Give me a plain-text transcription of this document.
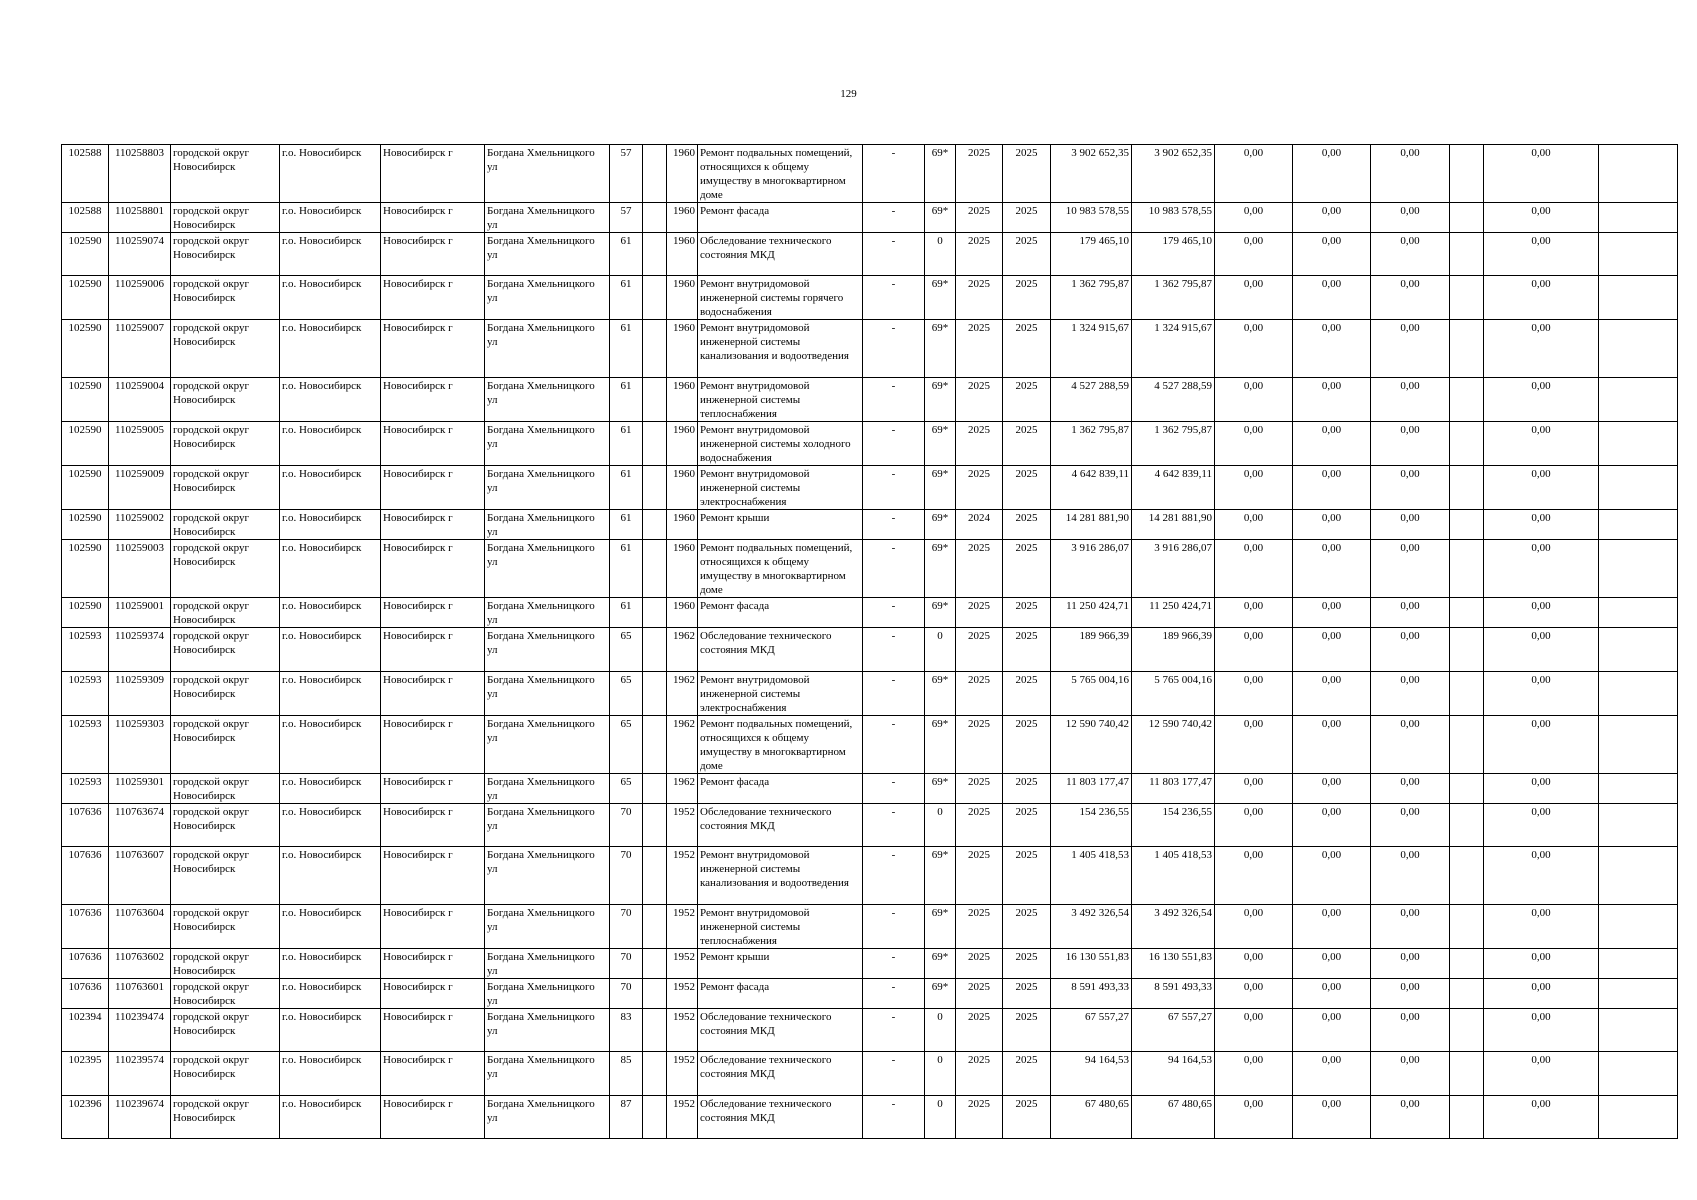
129
102588	110258803	городской округ Новосибирск	г.о. Новосибирск	Новосибирск г	Богдана Хмельницкого ул	57		1960	Ремонт подвальных помещений, относящихся к общему имуществу в многоквартирном доме	-	69*	2025	2025	3 902 652,35	3 902 652,35	0,00	0,00	0,00		0,00	
102588	110258801	городской округ Новосибирск	г.о. Новосибирск	Новосибирск г	Богдана Хмельницкого ул	57		1960	Ремонт фасада	-	69*	2025	2025	10 983 578,55	10 983 578,55	0,00	0,00	0,00		0,00	
102590	110259074	городской округ Новосибирск	г.о. Новосибирск	Новосибирск г	Богдана Хмельницкого ул	61		1960	Обследование технического состояния МКД	-	0	2025	2025	179 465,10	179 465,10	0,00	0,00	0,00		0,00	
102590	110259006	городской округ Новосибирск	г.о. Новосибирск	Новосибирск г	Богдана Хмельницкого ул	61		1960	Ремонт внутридомовой инженерной системы горячего водоснабжения	-	69*	2025	2025	1 362 795,87	1 362 795,87	0,00	0,00	0,00		0,00	
102590	110259007	городской округ Новосибирск	г.о. Новосибирск	Новосибирск г	Богдана Хмельницкого ул	61		1960	Ремонт внутридомовой инженерной системы канализования и водоотведения	-	69*	2025	2025	1 324 915,67	1 324 915,67	0,00	0,00	0,00		0,00	
102590	110259004	городской округ Новосибирск	г.о. Новосибирск	Новосибирск г	Богдана Хмельницкого ул	61		1960	Ремонт внутридомовой инженерной системы теплоснабжения	-	69*	2025	2025	4 527 288,59	4 527 288,59	0,00	0,00	0,00		0,00	
102590	110259005	городской округ Новосибирск	г.о. Новосибирск	Новосибирск г	Богдана Хмельницкого ул	61		1960	Ремонт внутридомовой инженерной системы холодного водоснабжения	-	69*	2025	2025	1 362 795,87	1 362 795,87	0,00	0,00	0,00		0,00	
102590	110259009	городской округ Новосибирск	г.о. Новосибирск	Новосибирск г	Богдана Хмельницкого ул	61		1960	Ремонт внутридомовой инженерной системы электроснабжения	-	69*	2025	2025	4 642 839,11	4 642 839,11	0,00	0,00	0,00		0,00	
102590	110259002	городской округ Новосибирск	г.о. Новосибирск	Новосибирск г	Богдана Хмельницкого ул	61		1960	Ремонт крыши	-	69*	2024	2025	14 281 881,90	14 281 881,90	0,00	0,00	0,00		0,00	
102590	110259003	городской округ Новосибирск	г.о. Новосибирск	Новосибирск г	Богдана Хмельницкого ул	61		1960	Ремонт подвальных помещений, относящихся к общему имуществу в многоквартирном доме	-	69*	2025	2025	3 916 286,07	3 916 286,07	0,00	0,00	0,00		0,00	
102590	110259001	городской округ Новосибирск	г.о. Новосибирск	Новосибирск г	Богдана Хмельницкого ул	61		1960	Ремонт фасада	-	69*	2025	2025	11 250 424,71	11 250 424,71	0,00	0,00	0,00		0,00	
102593	110259374	городской округ Новосибирск	г.о. Новосибирск	Новосибирск г	Богдана Хмельницкого ул	65		1962	Обследование технического состояния МКД	-	0	2025	2025	189 966,39	189 966,39	0,00	0,00	0,00		0,00	
102593	110259309	городской округ Новосибирск	г.о. Новосибирск	Новосибирск г	Богдана Хмельницкого ул	65		1962	Ремонт внутридомовой инженерной системы электроснабжения	-	69*	2025	2025	5 765 004,16	5 765 004,16	0,00	0,00	0,00		0,00	
102593	110259303	городской округ Новосибирск	г.о. Новосибирск	Новосибирск г	Богдана Хмельницкого ул	65		1962	Ремонт подвальных помещений, относящихся к общему имуществу в многоквартирном доме	-	69*	2025	2025	12 590 740,42	12 590 740,42	0,00	0,00	0,00		0,00	
102593	110259301	городской округ Новосибирск	г.о. Новосибирск	Новосибирск г	Богдана Хмельницкого ул	65		1962	Ремонт фасада	-	69*	2025	2025	11 803 177,47	11 803 177,47	0,00	0,00	0,00		0,00	
107636	110763674	городской округ Новосибирск	г.о. Новосибирск	Новосибирск г	Богдана Хмельницкого ул	70		1952	Обследование технического состояния МКД	-	0	2025	2025	154 236,55	154 236,55	0,00	0,00	0,00		0,00	
107636	110763607	городской округ Новосибирск	г.о. Новосибирск	Новосибирск г	Богдана Хмельницкого ул	70		1952	Ремонт внутридомовой инженерной системы канализования и водоотведения	-	69*	2025	2025	1 405 418,53	1 405 418,53	0,00	0,00	0,00		0,00	
107636	110763604	городской округ Новосибирск	г.о. Новосибирск	Новосибирск г	Богдана Хмельницкого ул	70		1952	Ремонт внутридомовой инженерной системы теплоснабжения	-	69*	2025	2025	3 492 326,54	3 492 326,54	0,00	0,00	0,00		0,00	
107636	110763602	городской округ Новосибирск	г.о. Новосибирск	Новосибирск г	Богдана Хмельницкого ул	70		1952	Ремонт крыши	-	69*	2025	2025	16 130 551,83	16 130 551,83	0,00	0,00	0,00		0,00	
107636	110763601	городской округ Новосибирск	г.о. Новосибирск	Новосибирск г	Богдана Хмельницкого ул	70		1952	Ремонт фасада	-	69*	2025	2025	8 591 493,33	8 591 493,33	0,00	0,00	0,00		0,00	
102394	110239474	городской округ Новосибирск	г.о. Новосибирск	Новосибирск г	Богдана Хмельницкого ул	83		1952	Обследование технического состояния МКД	-	0	2025	2025	67 557,27	67 557,27	0,00	0,00	0,00		0,00	
102395	110239574	городской округ Новосибирск	г.о. Новосибирск	Новосибирск г	Богдана Хмельницкого ул	85		1952	Обследование технического состояния МКД	-	0	2025	2025	94 164,53	94 164,53	0,00	0,00	0,00		0,00	
102396	110239674	городской округ Новосибирск	г.о. Новосибирск	Новосибирск г	Богдана Хмельницкого ул	87		1952	Обследование технического состояния МКД	-	0	2025	2025	67 480,65	67 480,65	0,00	0,00	0,00		0,00	
